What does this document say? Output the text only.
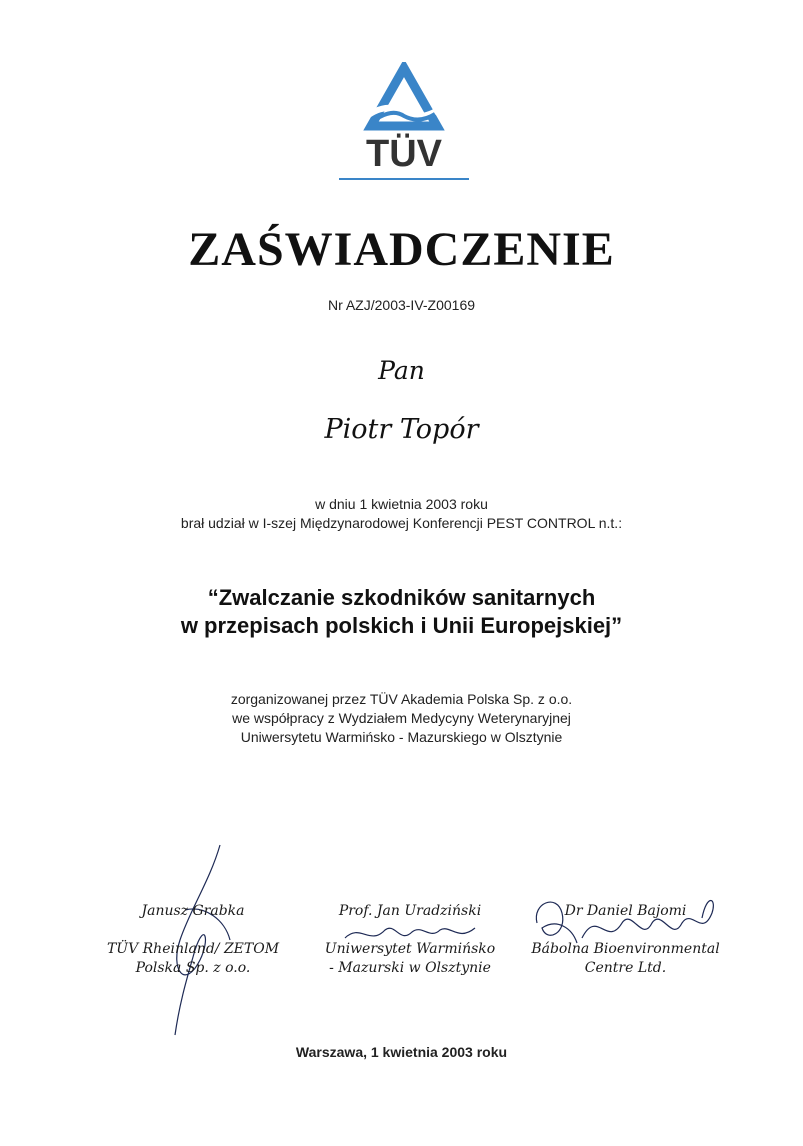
TÜV
ZAŚWIADCZENIE
Nr AZJ/2003-IV-Z00169
Pan
Piotr Topór
w dniu 1 kwietnia 2003 roku
brał udział w I-szej Międzynarodowej Konferencji PEST CONTROL n.t.:
“Zwalczanie szkodników sanitarnych
w przepisach polskich i Unii Europejskiej”
zorganizowanej przez TÜV Akademia Polska Sp. z o.o.
we współpracy z Wydziałem Medycyny Weterynaryjnej
Uniwersytetu Warmińsko - Mazurskiego w Olsztynie
Janusz Grabka
TÜV Rheinland/ ZETOM
Polska Sp. z o.o.
Prof. Jan Uradziński
Uniwersytet Warmińsko
- Mazurski w Olsztynie
Dr Daniel Bajomi
Bábolna Bioenvironmental
Centre Ltd.
Warszawa, 1 kwietnia 2003 roku
